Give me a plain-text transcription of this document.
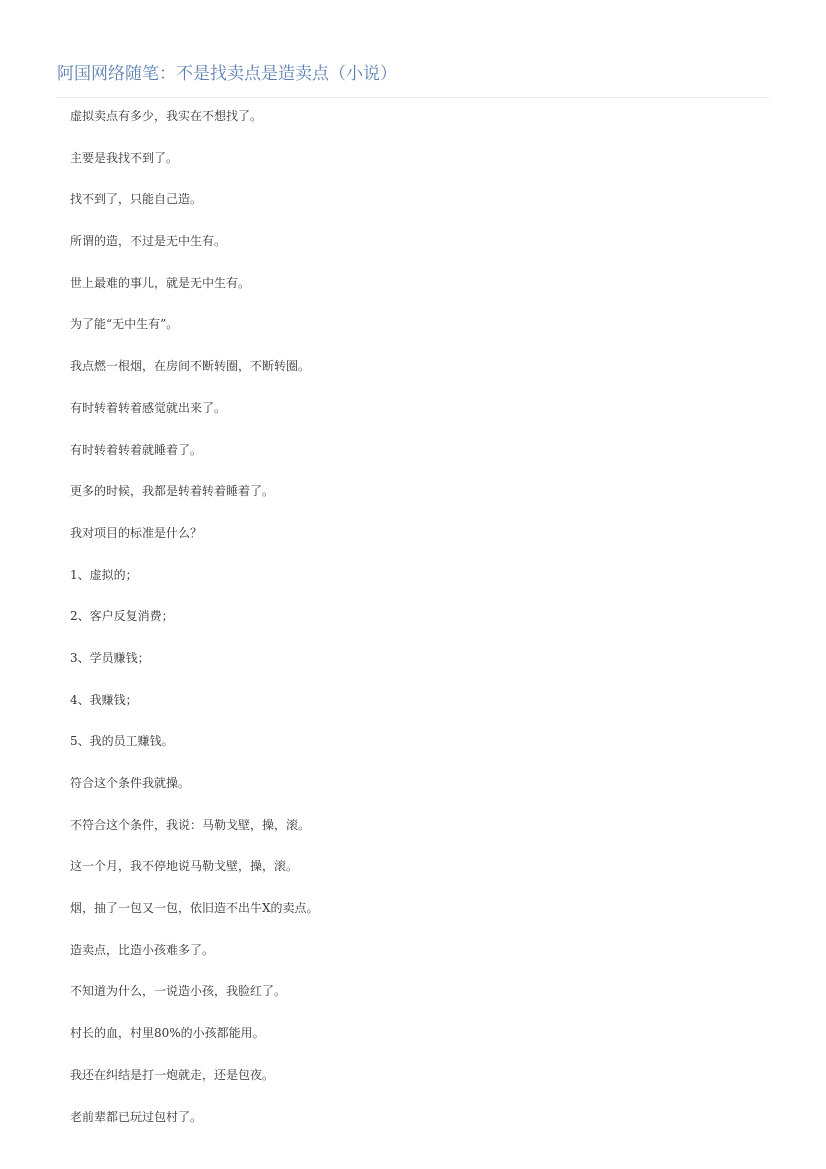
阿国网络随笔：不是找卖点是造卖点（小说）

虚拟卖点有多少，我实在不想找了。

主要是我找不到了。

找不到了，只能自己造。

所谓的造，不过是无中生有。

世上最难的事儿，就是无中生有。

为了能“无中生有”。

我点燃一根烟，在房间不断转圈，不断转圈。

有时转着转着感觉就出来了。

有时转着转着就睡着了。

更多的时候，我都是转着转着睡着了。

我对项目的标准是什么？

1、虚拟的；

2、客户反复消费；

3、学员赚钱；

4、我赚钱；

5、我的员工赚钱。

符合这个条件我就操。

不符合这个条件，我说：马勒戈壁，操，滚。

这一个月，我不停地说马勒戈壁，操，滚。

烟，抽了一包又一包，依旧造不出牛X的卖点。

造卖点，比造小孩难多了。

不知道为什么，一说造小孩，我脸红了。

村长的血，村里80%的小孩都能用。

我还在纠结是打一炮就走，还是包夜。

老前辈都已玩过包村了。
